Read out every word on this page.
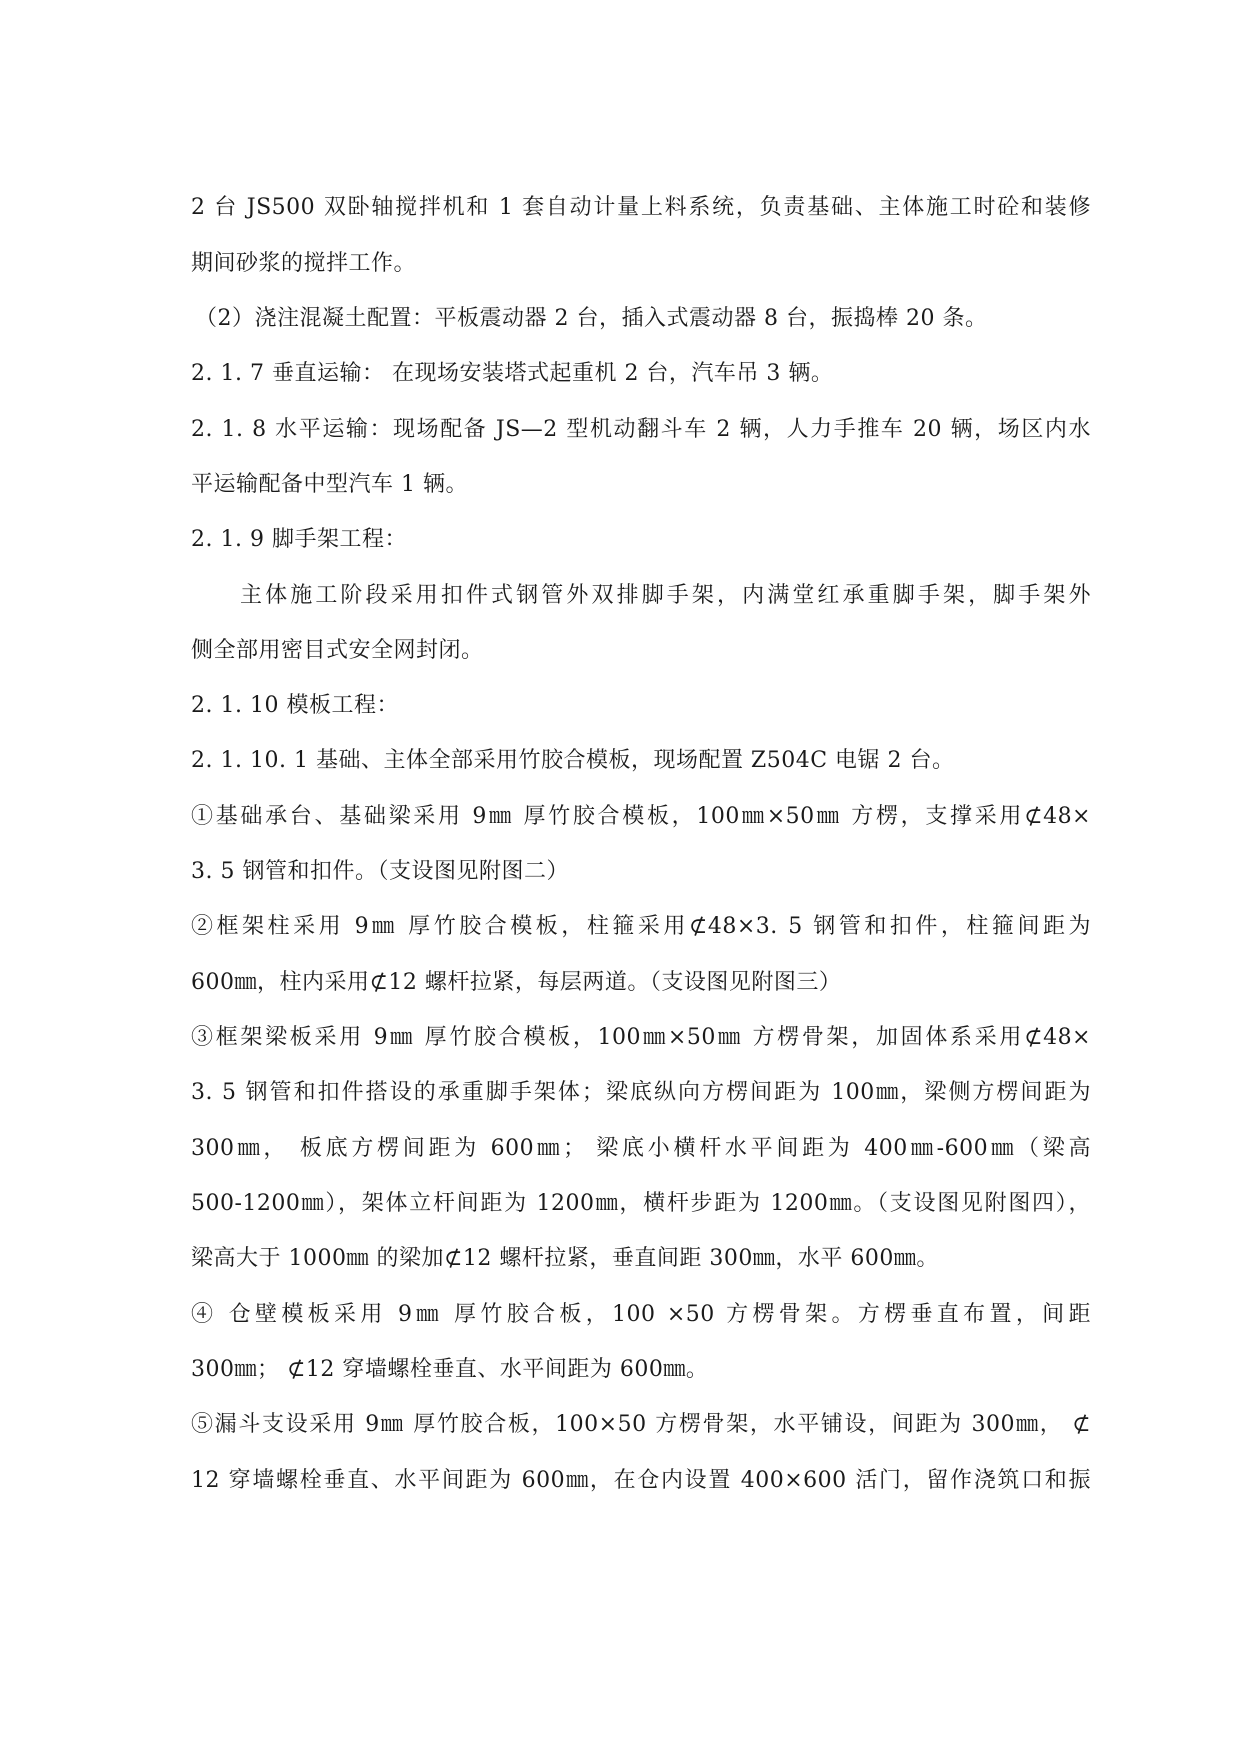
2 台 JS500 双卧轴搅拌机和 1 套自动计量上料系统，负责基础、主体施工时砼和装修
期间砂浆的搅拌工作。
（2）浇注混凝土配置：平板震动器 2 台，插入式震动器 8 台，振捣棒 20 条。
2. 1. 7 垂直运输： 在现场安装塔式起重机 2 台，汽车吊 3 辆。
2. 1. 8 水平运输：现场配备 JS—2 型机动翻斗车 2 辆，人力手推车 20 辆，场区内水
平运输配备中型汽车 1 辆。
2. 1. 9 脚手架工程：
主体施工阶段采用扣件式钢管外双排脚手架，内满堂红承重脚手架，脚手架外
侧全部用密目式安全网封闭。
2. 1. 10 模板工程：
2. 1. 10. 1 基础、主体全部采用竹胶合模板，现场配置 Z504C 电锯 2 台。
①基础承台、基础梁采用 9㎜ 厚竹胶合模板，100㎜×50㎜ 方楞，支撑采用⊄48×
3. 5 钢管和扣件。（支设图见附图二）
②框架柱采用 9㎜ 厚竹胶合模板，柱箍采用⊄48×3. 5 钢管和扣件，柱箍间距为
600㎜，柱内采用⊄12 螺杆拉紧，每层两道。（支设图见附图三）
③框架梁板采用 9㎜ 厚竹胶合模板，100㎜×50㎜ 方楞骨架，加固体系采用⊄48×
3. 5 钢管和扣件搭设的承重脚手架体；梁底纵向方楞间距为 100㎜，梁侧方楞间距为
300㎜， 板底方楞间距为 600㎜； 梁底小横杆水平间距为 400㎜-600㎜（梁高
500-1200㎜），架体立杆间距为 1200㎜，横杆步距为 1200㎜。（支设图见附图四），
梁高大于 1000㎜ 的梁加⊄12 螺杆拉紧，垂直间距 300㎜，水平 600㎜。
④ 仓壁模板采用 9㎜ 厚竹胶合板，100 ×50 方楞骨架。方楞垂直布置，间距
300㎜； ⊄12 穿墙螺栓垂直、水平间距为 600㎜。
⑤漏斗支设采用 9㎜ 厚竹胶合板，100×50 方楞骨架，水平铺设，间距为 300㎜， ⊄
12 穿墙螺栓垂直、水平间距为 600㎜，在仓内设置 400×600 活门，留作浇筑口和振
